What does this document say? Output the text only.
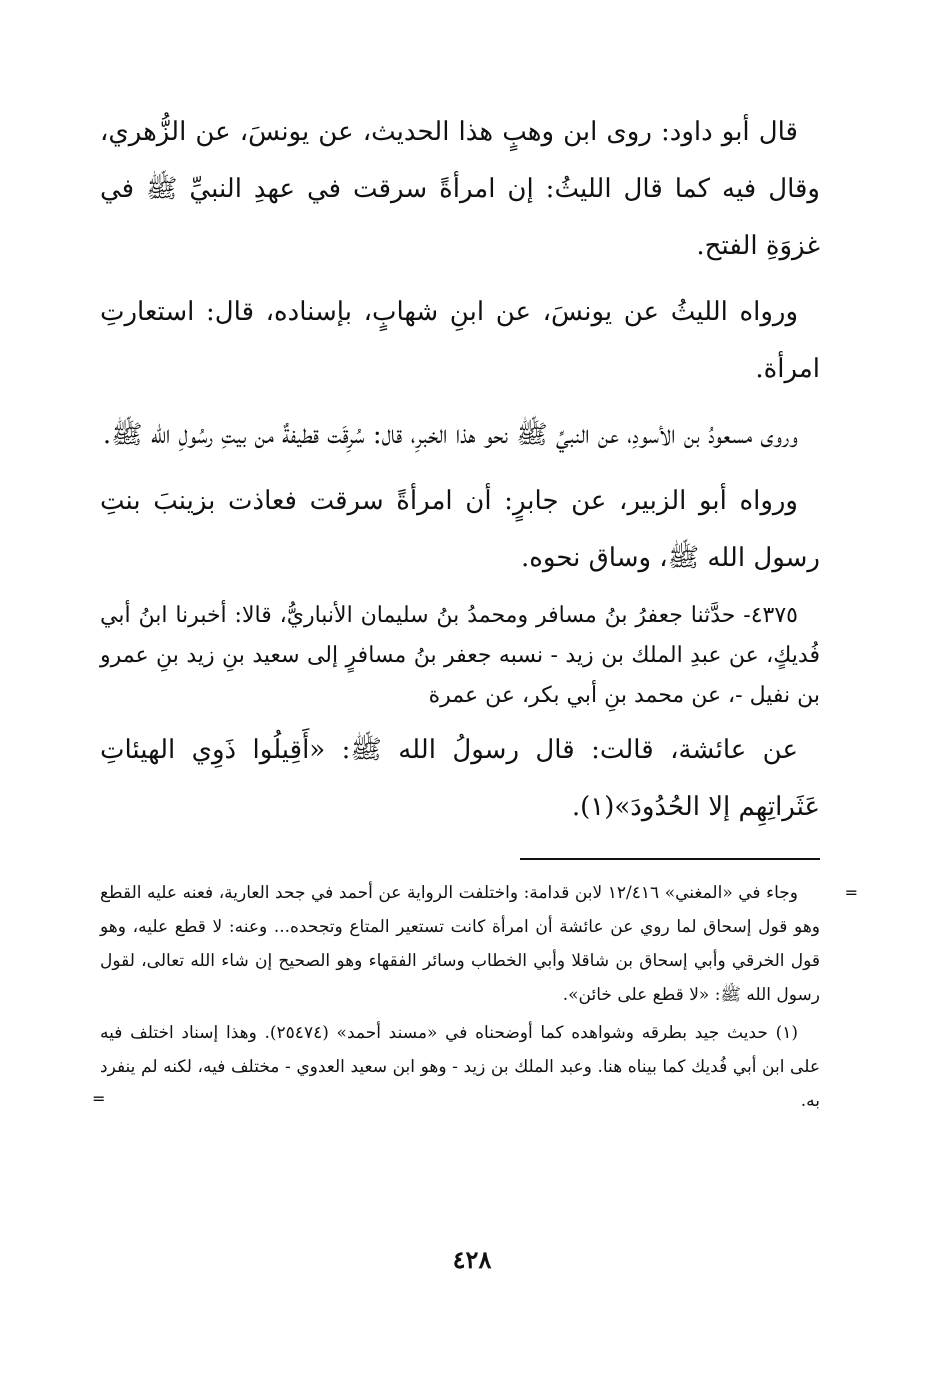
قال أبو داود: روى ابن وهبٍ هذا الحديث، عن يونسَ، عن الزُّهري، وقال فيه كما قال الليثُ: إن امرأةً سرقت في عهدِ النبيِّ ﷺ في غزوَةِ الفتح.

ورواه الليثُ عن يونسَ، عن ابنِ شهابٍ، بإسناده، قال: استعارتِ امرأة.

وروى مسعودُ بن الأسودِ، عن النبيِّ ﷺ نحو هذا الخبرِ، قال: سُرِقَت قطيفةٌ من بيتِ رسُولِ الله ﷺ.

ورواه أبو الزبير، عن جابرٍ: أن امرأةً سرقت فعاذت بزينبَ بنتِ رسول الله ﷺ، وساق نحوه.

٤٣٧٥- حدَّثنا جعفرُ بنُ مسافر ومحمدُ بنُ سليمان الأنباريُّ، قالا: أخبرنا ابنُ أبي فُديكٍ، عن عبدِ الملك بن زيد - نسبه جعفر بنُ مسافرٍ إلى سعيد بنِ زيد بنِ عمرو بن نفيل -، عن محمد بنِ أبي بكر، عن عمرة

عن عائشة، قالت: قال رسولُ الله ﷺ: «أَقِيلُوا ذَوِي الهيئاتِ عَثَراتِهِم إلا الحُدُودَ»(١).

=
وجاء في «المغني» ١٢/٤١٦ لابن قدامة: واختلفت الرواية عن أحمد في جحد العارية، فعنه عليه القطع وهو قول إسحاق لما روي عن عائشة أن امرأة كانت تستعير المتاع وتجحده... وعنه: لا قطع عليه، وهو قول الخرقي وأبي إسحاق بن شاقلا وأبي الخطاب وسائر الفقهاء وهو الصحيح إن شاء الله تعالى، لقول رسول الله ﷺ: «لا قطع على خائن».

(١) حديث جيد بطرقه وشواهده كما أوضحناه في «مسند أحمد» (٢٥٤٧٤). وهذا إسناد اختلف فيه على ابن أبي فُديك كما بيناه هنا. وعبد الملك بن زيد - وهو ابن سعيد العدوي - مختلف فيه، لكنه لم ينفرد به.
=

٤٢٨
